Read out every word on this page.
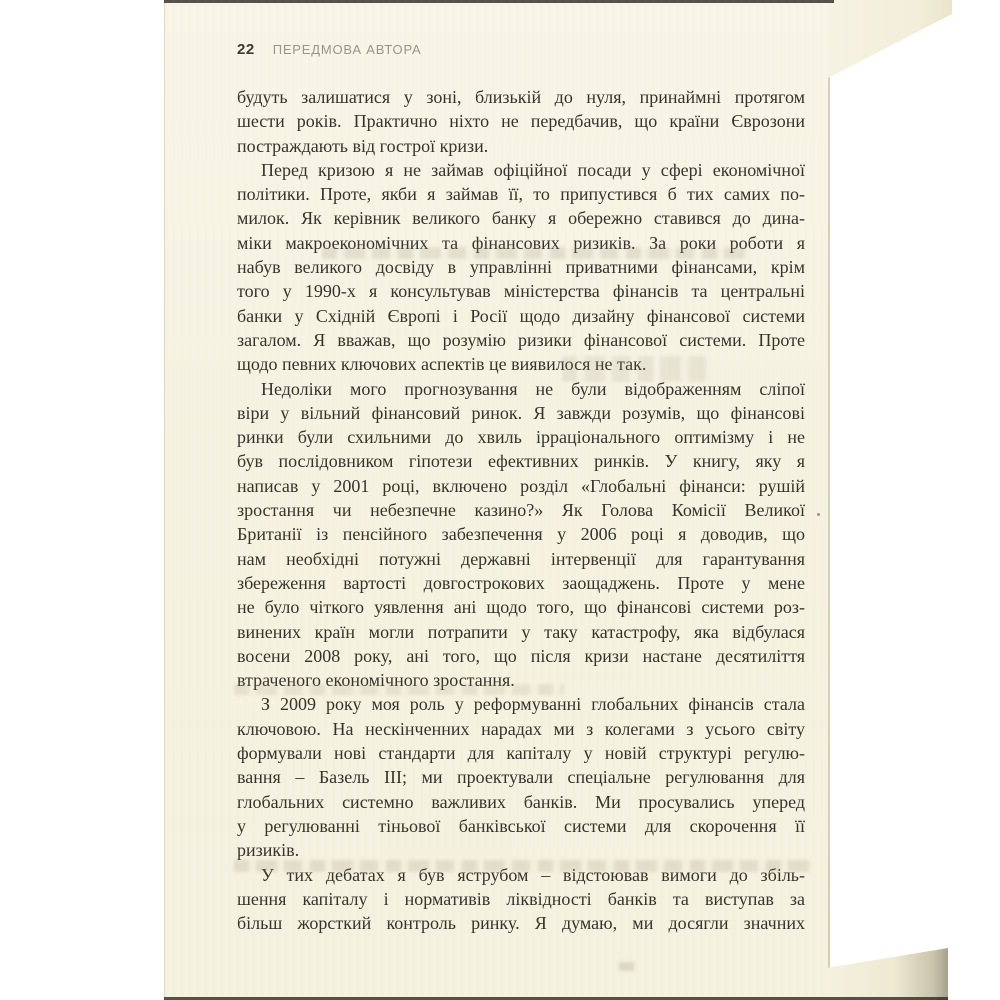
22 ПЕРЕДМОВА АВТОРА
будуть залишатися у зоні, близькій до нуля, принаймні протягом
шести років. Практично ніхто не передбачив, що країни Єврозони
постраждають від гострої кризи.
Перед кризою я не займав офіційної посади у сфері економічної
політики. Проте, якби я займав її, то припустився б тих самих по-
милок. Як керівник великого банку я обережно ставився до дина-
міки макроекономічних та фінансових ризиків. За роки роботи я
набув великого досвіду в управлінні приватними фінансами, крім
того у 1990-х я консультував міністерства фінансів та центральні
банки у Східній Європі і Росії щодо дизайну фінансової системи
загалом. Я вважав, що розумію ризики фінансової системи. Проте
щодо певних ключових аспектів це виявилося не так.
Недоліки мого прогнозування не були відображенням сліпої
віри у вільний фінансовий ринок. Я завжди розумів, що фінансові
ринки були схильними до хвиль ірраціонального оптимізму і не
був послідовником гіпотези ефективних ринків. У книгу, яку я
написав у 2001 році, включено розділ «Глобальні фінанси: рушій
зростання чи небезпечне казино?» Як Голова Комісії Великої
Британії із пенсійного забезпечення у 2006 році я доводив, що
нам необхідні потужні державні інтервенції для гарантування
збереження вартості довгострокових заощаджень. Проте у мене
не було чіткого уявлення ані щодо того, що фінансові системи роз-
винених країн могли потрапити у таку катастрофу, яка відбулася
восени 2008 року, ані того, що після кризи настане десятиліття
втраченого економічного зростання.
З 2009 року моя роль у реформуванні глобальних фінансів стала
ключовою. На нескінченних нарадах ми з колегами з усього світу
формували нові стандарти для капіталу у новій структурі регулю-
вання – Базель III; ми проектували спеціальне регулювання для
глобальних системно важливих банків. Ми просувались уперед
у регулюванні тіньової банківської системи для скорочення її
ризиків.
У тих дебатах я був яструбом – відстоював вимоги до збіль-
шення капіталу і нормативів ліквідності банків та виступав за
більш жорсткий контроль ринку. Я думаю, ми досягли значних
